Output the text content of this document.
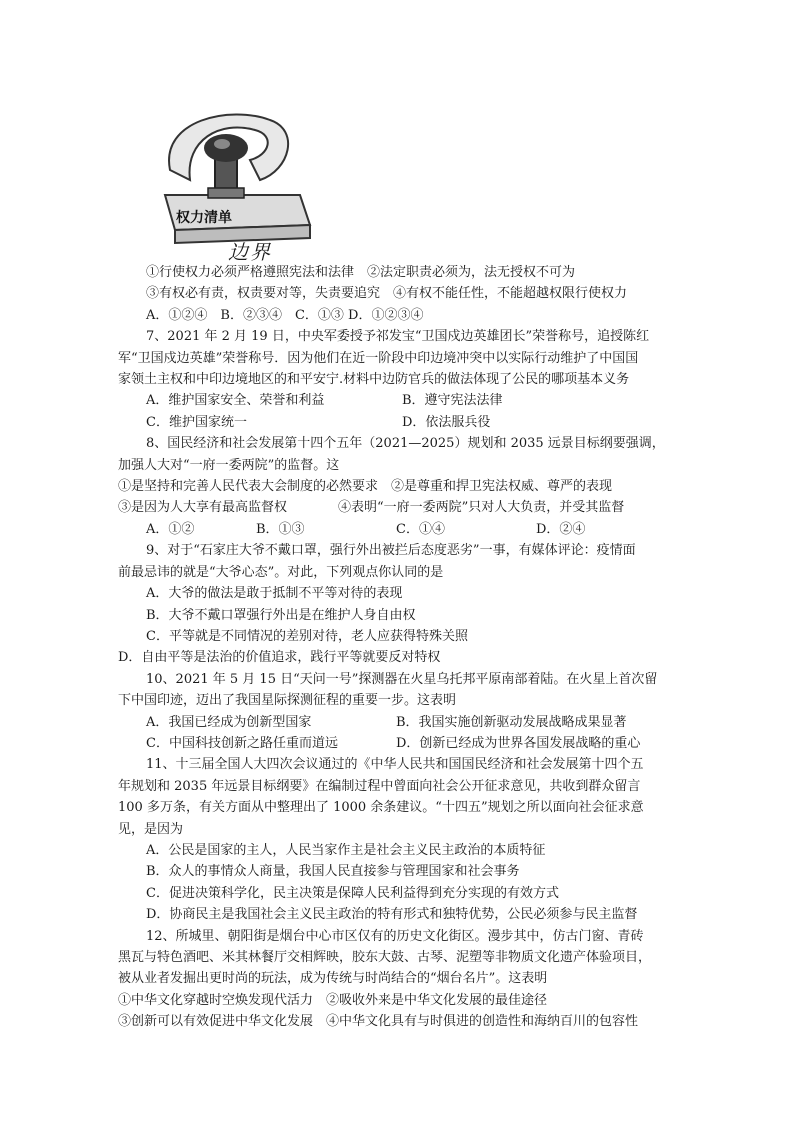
权力清单
边界
①行使权力必须严格遵照宪法和法律　 ②法定职责必须为，法无授权不可为
③有权必有责，权责要对等，失责要追究　 ④有权不能任性，不能超越权限行使权力
A．①②④　B．②③④　C．①③ D．①②③④
7、2021 年 2 月 19 日，中央军委授予祁发宝“卫国戍边英雄团长”荣誉称号，追授陈红
军“卫国戍边英雄”荣誉称号．因为他们在近一阶段中印边境冲突中以实际行动维护了中国国
家领土主权和中印边境地区的和平安宁.材料中边防官兵的做法体现了公民的哪项基本义务
A．维护国家安全、荣誉和利益	B．遵守宪法法律
C．维护国家统一	D．依法服兵役
8、国民经济和社会发展第十四个五年（2021—2025）规划和 2035 远景目标纲要强调，
加强人大对“一府一委两院”的监督。这
①是坚持和完善人民代表大会制度的必然要求　 ②是尊重和捍卫宪法权威、尊严的表现
③是因为人大享有最高监督权	④表明“一府一委两院”只对人大负责，并受其监督
A．①②	B．①③	C．①④	D．②④
9、对于“石家庄大爷不戴口罩，强行外出被拦后态度恶劣”一事，有媒体评论：疫情面
前最忌讳的就是“大爷心态”。对此，下列观点你认同的是
A．大爷的做法是敢于抵制不平等对待的表现
B．大爷不戴口罩强行外出是在维护人身自由权
C．平等就是不同情况的差别对待，老人应获得特殊关照
D．自由平等是法治的价值追求，践行平等就要反对特权
10、2021 年 5 月 15 日“天问一号”探测器在火星乌托邦平原南部着陆。在火星上首次留
下中国印迹，迈出了我国星际探测征程的重要一步。这表明
A．我国已经成为创新型国家	B．我国实施创新驱动发展战略成果显著
C．中国科技创新之路任重而道远	D．创新已经成为世界各国发展战略的重心
11、十三届全国人大四次会议通过的《中华人民共和国国民经济和社会发展第十四个五
年规划和 2035 年远景目标纲要》在编制过程中曾面向社会公开征求意见，共收到群众留言
100 多万条，有关方面从中整理出了 1000 余条建议。“十四五”规划之所以面向社会征求意
见，是因为
A．公民是国家的主人，人民当家作主是社会主义民主政治的本质特征
B．众人的事情众人商量，我国人民直接参与管理国家和社会事务
C．促进决策科学化，民主决策是保障人民利益得到充分实现的有效方式
D．协商民主是我国社会主义民主政治的特有形式和独特优势，公民必须参与民主监督
12、所城里、朝阳街是烟台中心市区仅有的历史文化街区。漫步其中，仿古门窗、青砖
黑瓦与特色酒吧、米其林餐厅交相辉映，胶东大鼓、古琴、泥塑等非物质文化遗产体验项目，
被从业者发掘出更时尚的玩法，成为传统与时尚结合的“烟台名片”。这表明
①中华文化穿越时空焕发现代活力　 ②吸收外来是中华文化发展的最佳途径
③创新可以有效促进中华文化发展　 ④中华文化具有与时俱进的创造性和海纳百川的包容性
